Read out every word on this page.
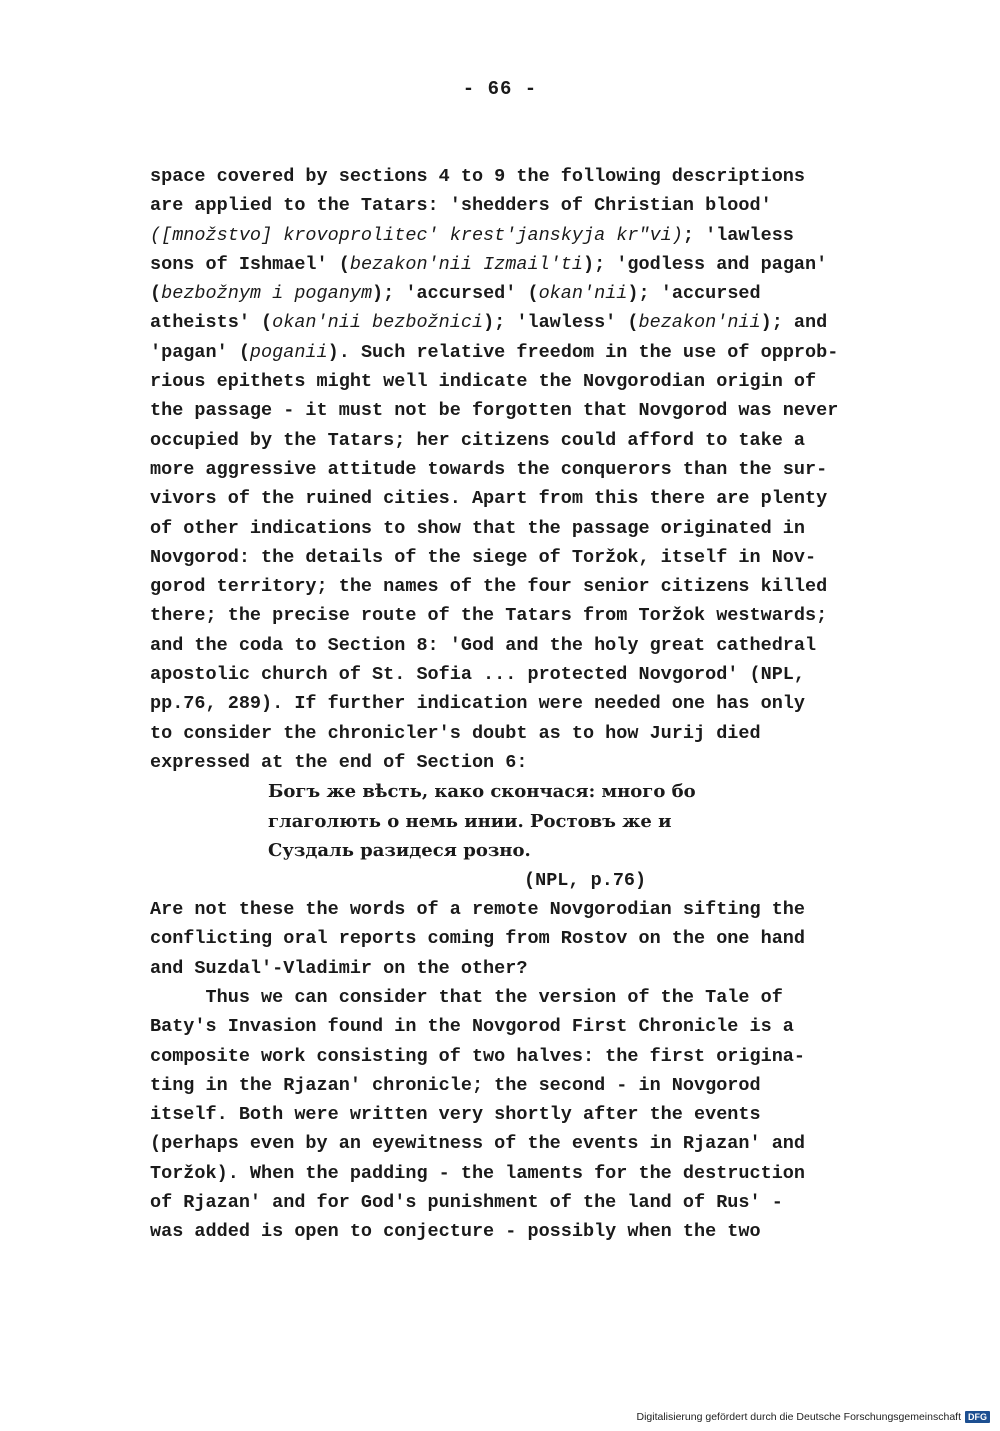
- 66 -
space covered by sections 4 to 9 the following descriptions
are applied to the Tatars: 'shedders of Christian blood'
([množstvo] krovoprolitec' krest'janskyja kr"vi); 'lawless
sons of Ishmael' (bezakon'nii Izmail'ti); 'godless and pagan'
(bezbožnym i poganym); 'accursed' (okan'nii); 'accursed
atheists' (okan'nii bezbožnici); 'lawless' (bezakon'nii); and
'pagan' (poganii). Such relative freedom in the use of opprob-
rious epithets might well indicate the Novgorodian origin of
the passage - it must not be forgotten that Novgorod was never
occupied by the Tatars; her citizens could afford to take a
more aggressive attitude towards the conquerors than the sur-
vivors of the ruined cities. Apart from this there are plenty
of other indications to show that the passage originated in
Novgorod: the details of the siege of Toržok, itself in Nov-
gorod territory; the names of the four senior citizens killed
there; the precise route of the Tatars from Toržok westwards;
and the coda to Section 8: 'God and the holy great cathedral
apostolic church of St. Sofia ... protected Novgorod' (NPL,
pp.76, 289). If further indication were needed one has only
to consider the chronicler's doubt as to how Jurij died
expressed at the end of Section 6:
Богъ же вѣсть, како скончася: много бо
глаголють о немь инии. Ростовъ же и
Суздаль разидеся розно.
(NPL, p.76)
Are not these the words of a remote Novgorodian sifting the
conflicting oral reports coming from Rostov on the one hand
and Suzdal'-Vladimir on the other?
Thus we can consider that the version of the Tale of
Baty's Invasion found in the Novgorod First Chronicle is a
composite work consisting of two halves: the first origina-
ting in the Rjazan' chronicle; the second - in Novgorod
itself. Both were written very shortly after the events
(perhaps even by an eyewitness of the events in Rjazan' and
Toržok). When the padding - the laments for the destruction
of Rjazan' and for God's punishment of the land of Rus' -
was added is open to conjecture - possibly when the two
Digitalisierung gefördert durch die Deutsche Forschungsgemeinschaft DFG
